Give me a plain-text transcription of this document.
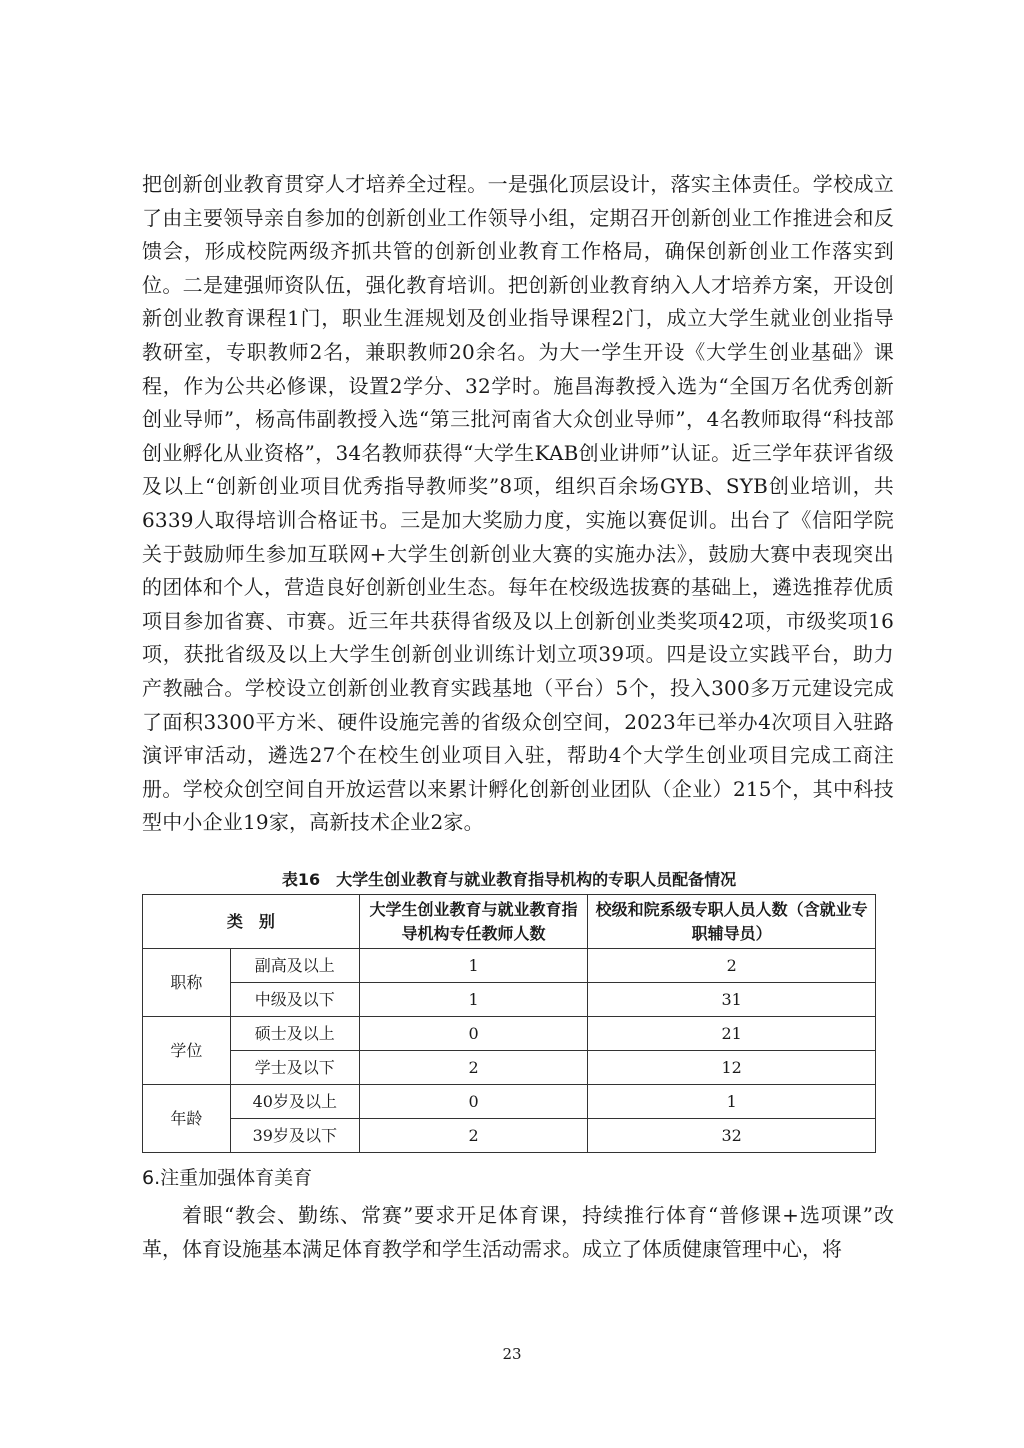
把创新创业教育贯穿人才培养全过程。一是强化顶层设计，落实主体责任。学校成立了由主要领导亲自参加的创新创业工作领导小组，定期召开创新创业工作推进会和反馈会，形成校院两级齐抓共管的创新创业教育工作格局，确保创新创业工作落实到位。二是建强师资队伍，强化教育培训。把创新创业教育纳入人才培养方案，开设创新创业教育课程1门，职业生涯规划及创业指导课程2门，成立大学生就业创业指导教研室，专职教师2名，兼职教师20余名。为大一学生开设《大学生创业基础》课程，作为公共必修课，设置2学分、32学时。施昌海教授入选为“全国万名优秀创新创业导师”，杨高伟副教授入选“第三批河南省大众创业导师”，4名教师取得“科技部创业孵化从业资格”，34名教师获得“大学生KAB创业讲师”认证。近三学年获评省级及以上“创新创业项目优秀指导教师奖”8项，组织百余场GYB、SYB创业培训，共6339人取得培训合格证书。三是加大奖励力度，实施以赛促训。出台了《信阳学院关于鼓励师生参加互联网+大学生创新创业大赛的实施办法》，鼓励大赛中表现突出的团体和个人，营造良好创新创业生态。每年在校级选拔赛的基础上，遴选推荐优质项目参加省赛、市赛。近三年共获得省级及以上创新创业类奖项42项，市级奖项16项，获批省级及以上大学生创新创业训练计划立项39项。四是设立实践平台，助力产教融合。学校设立创新创业教育实践基地（平台）5个，投入300多万元建设完成了面积3300平方米、硬件设施完善的省级众创空间，2023年已举办4次项目入驻路演评审活动，遴选27个在校生创业项目入驻，帮助4个大学生创业项目完成工商注册。学校众创空间自开放运营以来累计孵化创新创业团队（企业）215个，其中科技型中小企业19家，高新技术企业2家。

表16　大学生创业教育与就业教育指导机构的专职人员配备情况
类　别		大学生创业教育与就业教育指导机构专任教师人数	校级和院系级专职人员人数（含就业专职辅导员）
职称	副高及以上	1	2
	中级及以下	1	31
学位	硕士及以上	0	21
	学士及以下	2	12
年龄	40岁及以上	0	1
	39岁及以下	2	32
6.注重加强体育美育

着眼“教会、勤练、常赛”要求开足体育课，持续推行体育“普修课+选项课”改革，体育设施基本满足体育教学和学生活动需求。成立了体质健康管理中心，将

23
